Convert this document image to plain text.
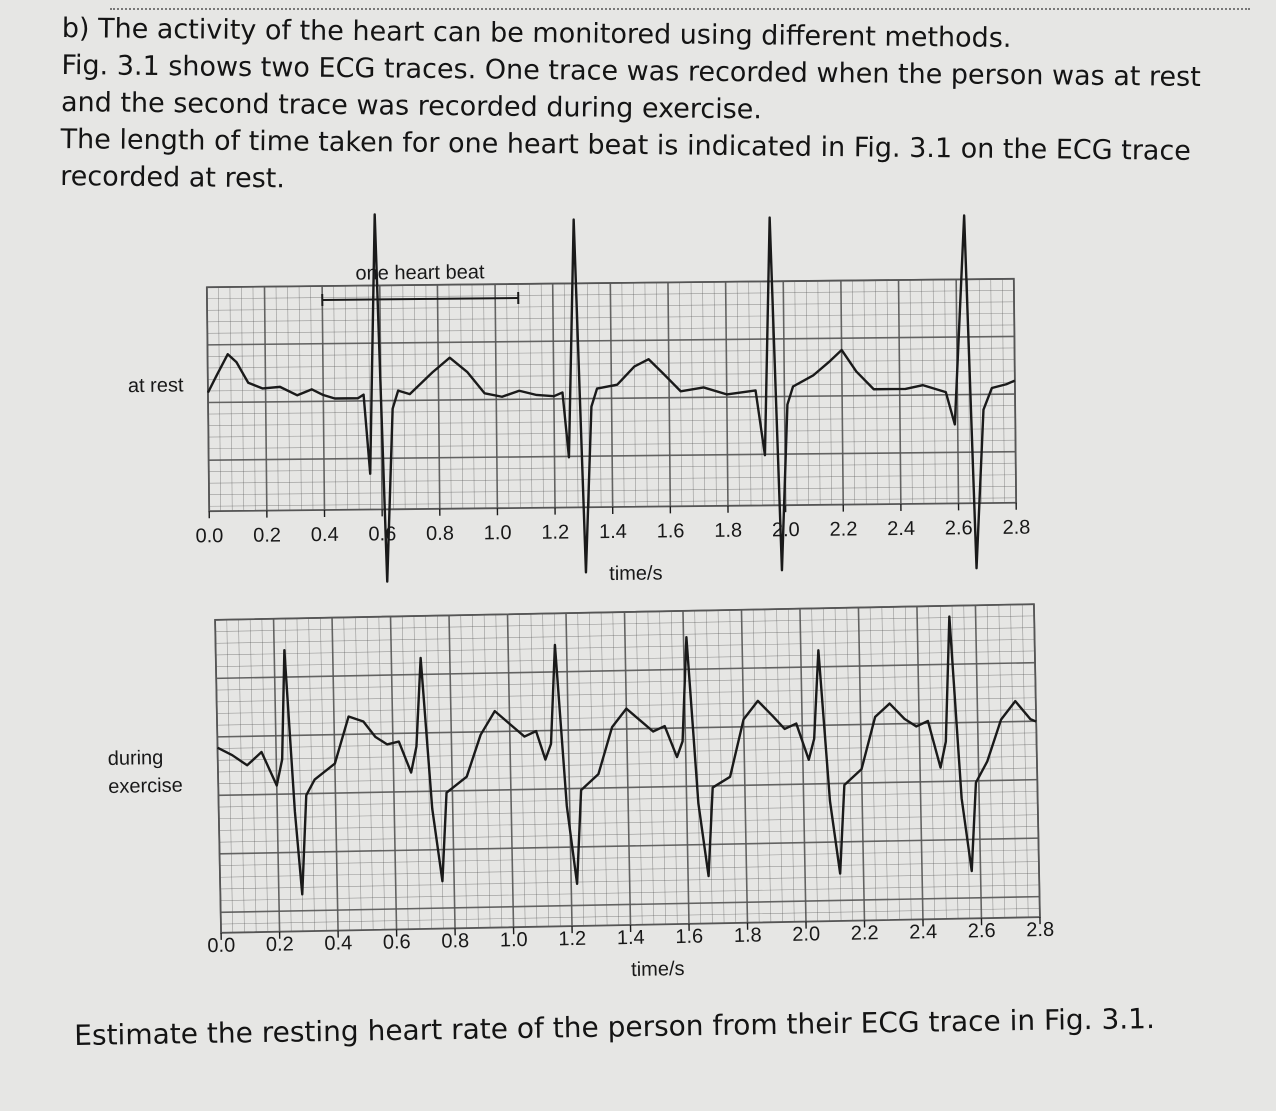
b) The activity of the heart can be monitored using different methods.

Fig. 3.1 shows two ECG traces. One trace was recorded when the person was at rest

and the second trace was recorded during exercise.

The length of time taken for one heart beat is indicated in Fig. 3.1 on the ECG trace

recorded at rest.

0.0 0.2 0.4 0.6 0.8 1.0 1.2 1.4 1.6 1.8 2.0 2.2 2.4 2.6 2.8
time/s
at rest
one heart beat
0.0 0.2 0.4 0.6 0.8 1.0 1.2 1.4 1.6 1.8 2.0 2.2 2.4 2.6 2.8
time/s
during
exercise
Estimate the resting heart rate of the person from their ECG trace in Fig. 3.1.
